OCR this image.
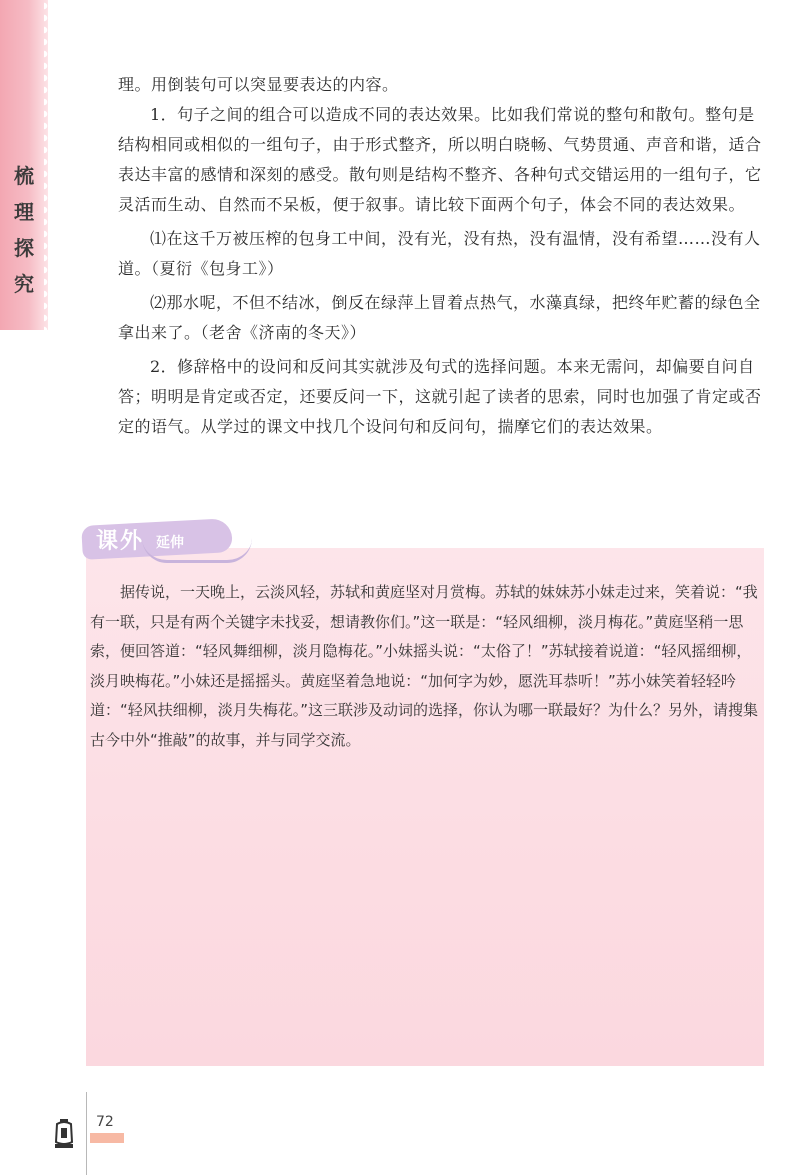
梳
理
探
究

理。用倒装句可以突显要表达的内容。

1．句子之间的组合可以造成不同的表达效果。比如我们常说的整句和散句。整句是结构相同或相似的一组句子，由于形式整齐，所以明白晓畅、气势贯通、声音和谐，适合表达丰富的感情和深刻的感受。散句则是结构不整齐、各种句式交错运用的一组句子，它灵活而生动、自然而不呆板，便于叙事。请比较下面两个句子，体会不同的表达效果。

⑴在这千万被压榨的包身工中间，没有光，没有热，没有温情，没有希望……没有人道。（夏衍《包身工》）

⑵那水呢，不但不结冰，倒反在绿萍上冒着点热气，水藻真绿，把终年贮蓄的绿色全拿出来了。（老舍《济南的冬天》）

2．修辞格中的设问和反问其实就涉及句式的选择问题。本来无需问，却偏要自问自答；明明是肯定或否定，还要反问一下，这就引起了读者的思索，同时也加强了肯定或否定的语气。从学过的课文中找几个设问句和反问句，揣摩它们的表达效果。

课外 延伸

据传说，一天晚上，云淡风轻，苏轼和黄庭坚对月赏梅。苏轼的妹妹苏小妹走过来，笑着说：“我有一联，只是有两个关键字未找妥，想请教你们。”这一联是：“轻风细柳，淡月梅花。”黄庭坚稍一思索，便回答道：“轻风舞细柳，淡月隐梅花。”小妹摇头说：“太俗了！”苏轼接着说道：“轻风摇细柳，淡月映梅花。”小妹还是摇摇头。黄庭坚着急地说：“加何字为妙，愿洗耳恭听！”苏小妹笑着轻轻吟道：“轻风扶细柳，淡月失梅花。”这三联涉及动词的选择，你认为哪一联最好？为什么？另外，请搜集古今中外“推敲”的故事，并与同学交流。

72
